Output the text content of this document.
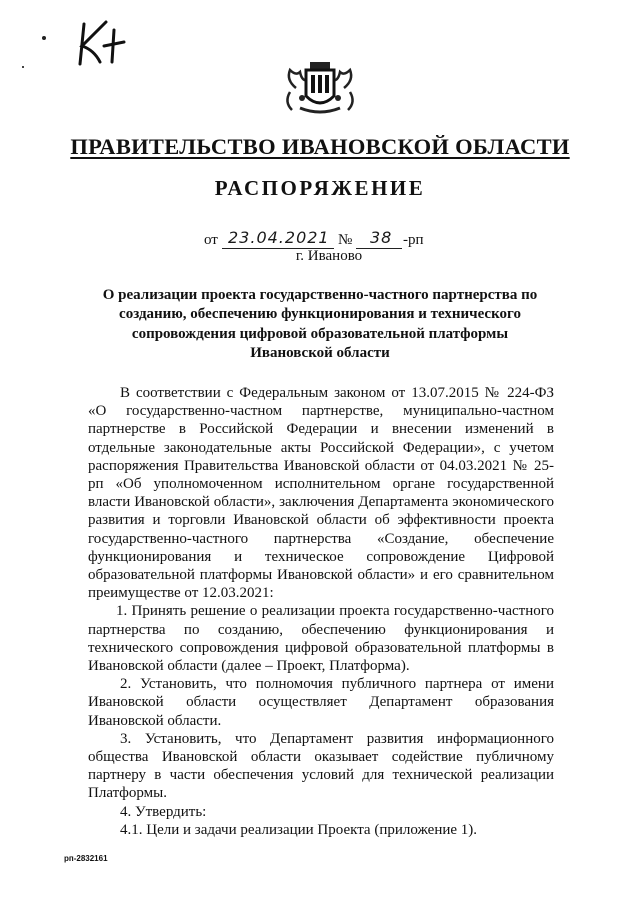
ПРАВИТЕЛЬСТВО ИВАНОВСКОЙ ОБЛАСТИ
РАСПОРЯЖЕНИЕ
от 23.04.2021 № 38 -рп
г. Иваново
О реализации проекта государственно-частного партнерства по созданию, обеспечению функционирования и технического сопровождения цифровой образовательной платформы Ивановской области

В соответствии с Федеральным законом от 13.07.2015 № 224-ФЗ «О государственно-частном партнерстве, муниципально-частном партнерстве в Российской Федерации и внесении изменений в отдельные законодательные акты Российской Федерации», с учетом распоряжения Правительства Ивановской области от 04.03.2021 № 25-рп «Об уполномоченном исполнительном органе государственной власти Ивановской области», заключения Департамента экономического развития и торговли Ивановской области об эффективности проекта государственно-частного партнерства «Создание, обеспечение функционирования и техническое сопровождение Цифровой образовательной платформы Ивановской области» и его сравнительном преимуществе от 12.03.2021:

1. Принять решение о реализации проекта государственно-частного партнерства по созданию, обеспечению функционирования и технического сопровождения цифровой образовательной платформы в Ивановской области (далее – Проект, Платформа).

2. Установить, что полномочия публичного партнера от имени Ивановской области осуществляет Департамент образования Ивановской области.

3. Установить, что Департамент развития информационного общества Ивановской области оказывает содействие публичному партнеру в части обеспечения условий для технической реализации Платформы.

4. Утвердить:

4.1. Цели и задачи реализации Проекта (приложение 1).

рп-2832161
